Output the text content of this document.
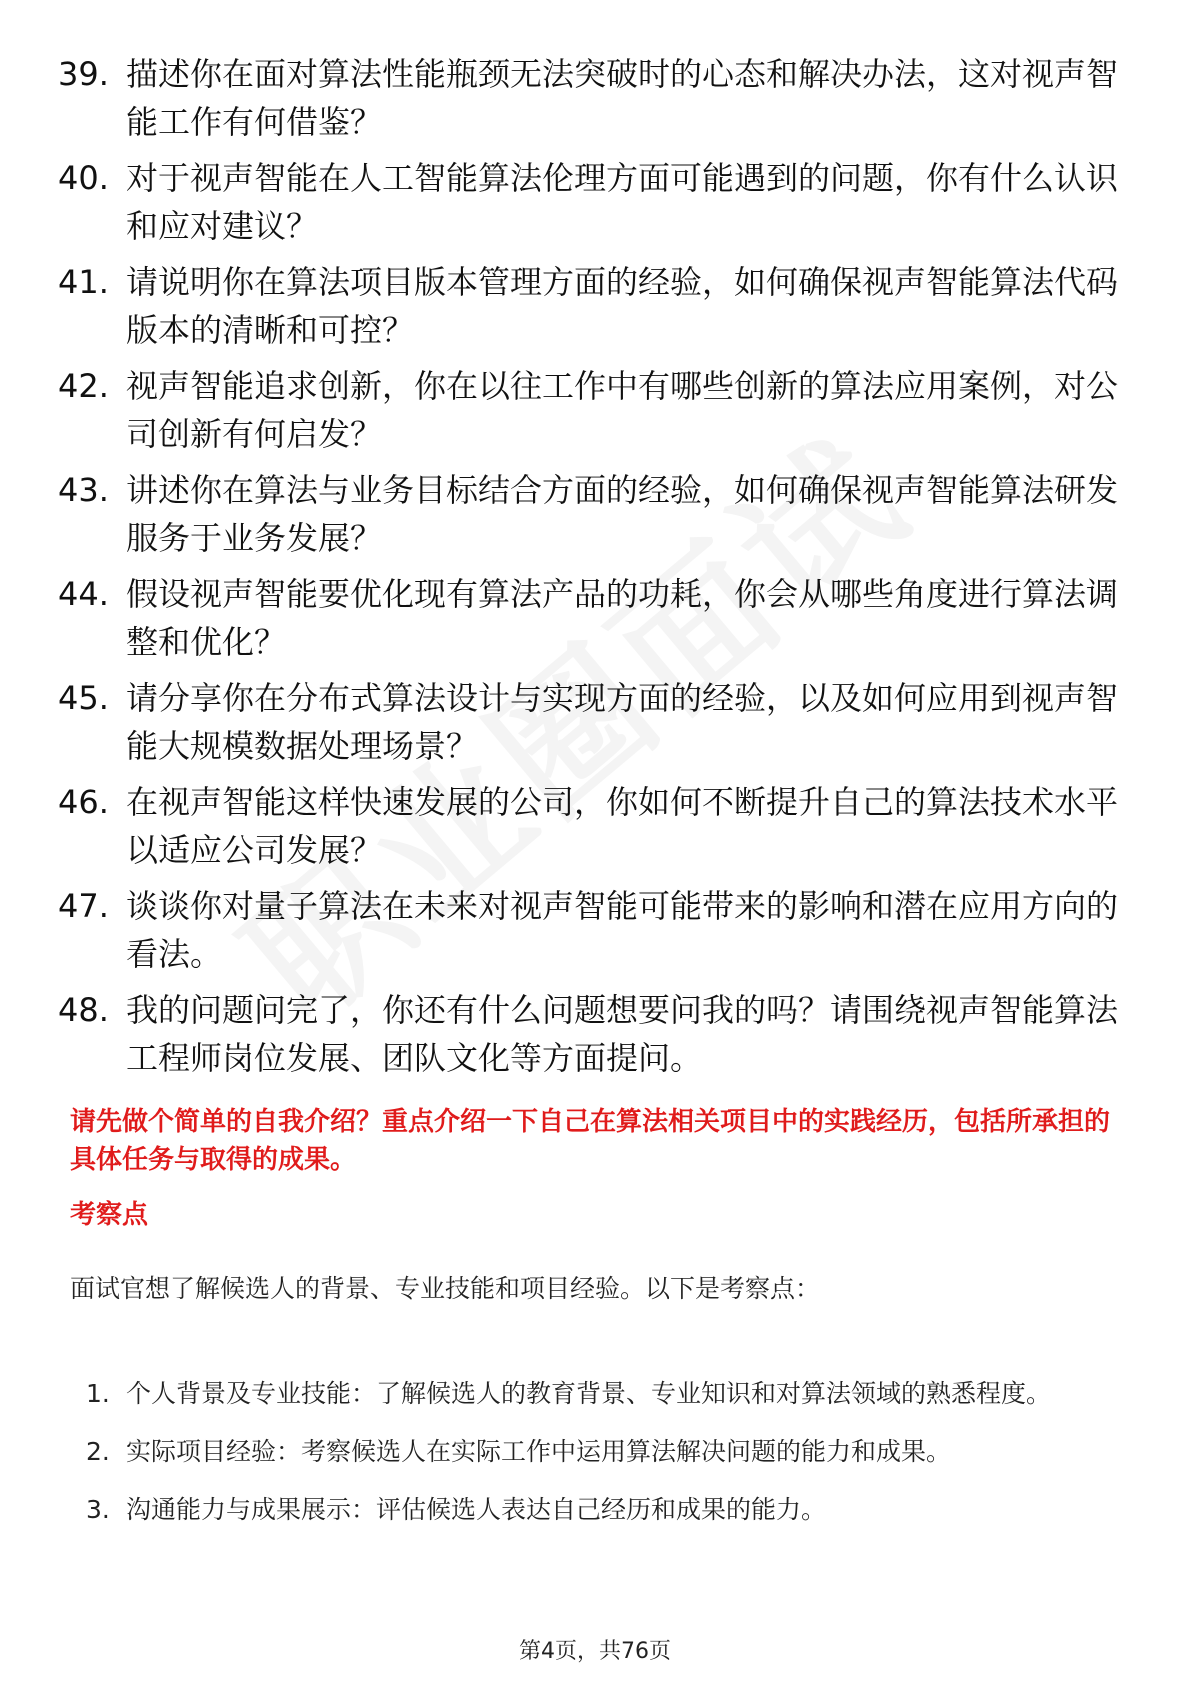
39. 描述你在面对算法性能瓶颈无法突破时的心态和解决办法，这对视声智能工作有何借鉴？
40. 对于视声智能在人工智能算法伦理方面可能遇到的问题，你有什么认识和应对建议？
41. 请说明你在算法项目版本管理方面的经验，如何确保视声智能算法代码版本的清晰和可控？
42. 视声智能追求创新，你在以往工作中有哪些创新的算法应用案例，对公司创新有何启发？
43. 讲述你在算法与业务目标结合方面的经验，如何确保视声智能算法研发服务于业务发展？
44. 假设视声智能要优化现有算法产品的功耗，你会从哪些角度进行算法调整和优化？
45. 请分享你在分布式算法设计与实现方面的经验，以及如何应用到视声智能大规模数据处理场景？
46. 在视声智能这样快速发展的公司，你如何不断提升自己的算法技术水平以适应公司发展？
47. 谈谈你对量子算法在未来对视声智能可能带来的影响和潜在应用方向的看法。
48. 我的问题问完了，你还有什么问题想要问我的吗？请围绕视声智能算法工程师岗位发展、团队文化等方面提问。
请先做个简单的自我介绍？重点介绍一下自己在算法相关项目中的实践经历，包括所承担的具体任务与取得的成果。
考察点
面试官想了解候选人的背景、专业技能和项目经验。以下是考察点：
1. 个人背景及专业技能：了解候选人的教育背景、专业知识和对算法领域的熟悉程度。
2. 实际项目经验：考察候选人在实际工作中运用算法解决问题的能力和成果。
3. 沟通能力与成果展示：评估候选人表达自己经历和成果的能力。
第4页，共76页
